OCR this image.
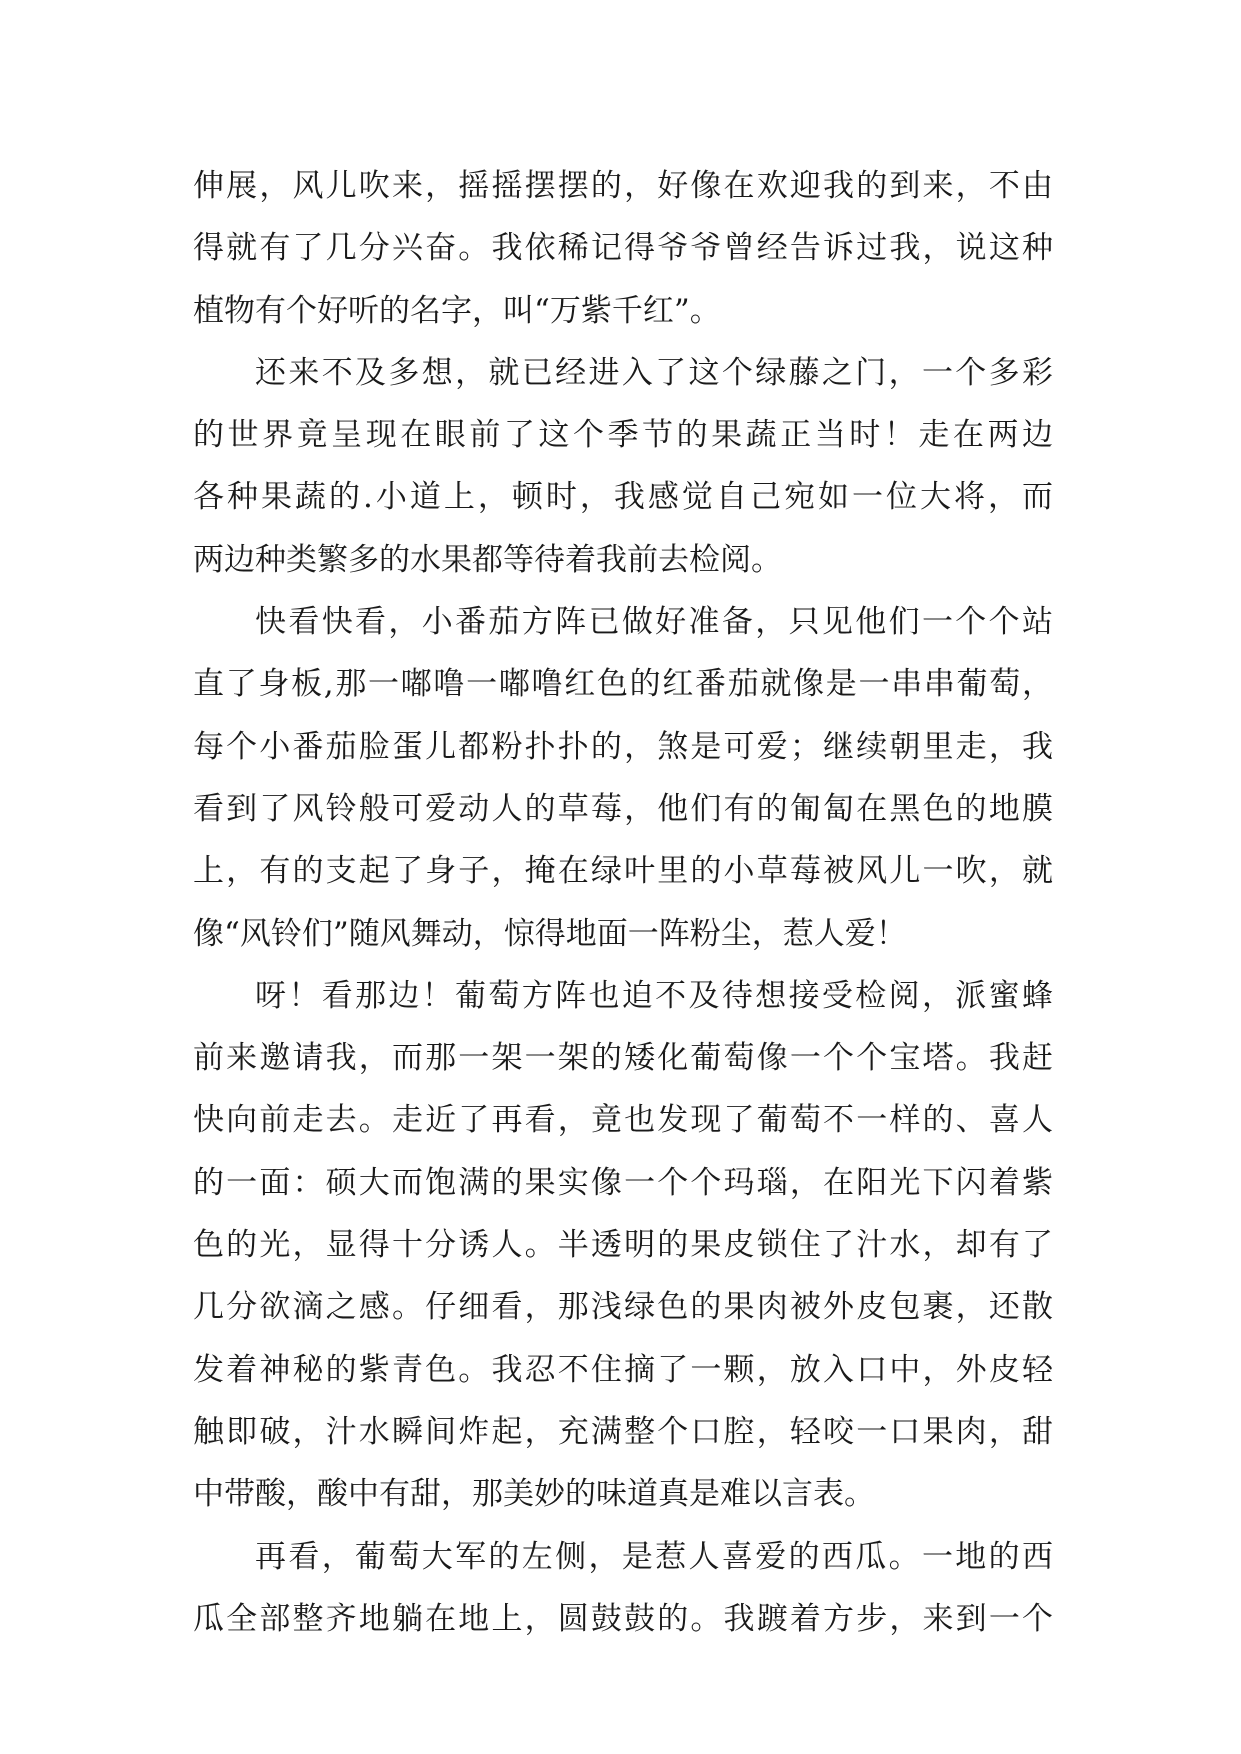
伸展，风儿吹来，摇摇摆摆的，好像在欢迎我的到来，不由
得就有了几分兴奋。我依稀记得爷爷曾经告诉过我，说这种
植物有个好听的名字，叫“万紫千红”。
还来不及多想，就已经进入了这个绿藤之门，一个多彩
的世界竟呈现在眼前了这个季节的果蔬正当时！走在两边
各种果蔬的.小道上，顿时，我感觉自己宛如一位大将，而
两边种类繁多的水果都等待着我前去检阅。
快看快看，小番茄方阵已做好准备，只见他们一个个站
直了身板,那一嘟噜一嘟噜红色的红番茄就像是一串串葡萄，
每个小番茄脸蛋儿都粉扑扑的，煞是可爱；继续朝里走，我
看到了风铃般可爱动人的草莓，他们有的匍匐在黑色的地膜
上，有的支起了身子，掩在绿叶里的小草莓被风儿一吹，就
像“风铃们”随风舞动，惊得地面一阵粉尘，惹人爱！
呀！看那边！葡萄方阵也迫不及待想接受检阅，派蜜蜂
前来邀请我，而那一架一架的矮化葡萄像一个个宝塔。我赶
快向前走去。走近了再看，竟也发现了葡萄不一样的、喜人
的一面：硕大而饱满的果实像一个个玛瑙，在阳光下闪着紫
色的光，显得十分诱人。半透明的果皮锁住了汁水，却有了
几分欲滴之感。仔细看，那浅绿色的果肉被外皮包裹，还散
发着神秘的紫青色。我忍不住摘了一颗，放入口中，外皮轻
触即破，汁水瞬间炸起，充满整个口腔，轻咬一口果肉，甜
中带酸，酸中有甜，那美妙的味道真是难以言表。
再看，葡萄大军的左侧，是惹人喜爱的西瓜。一地的西
瓜全部整齐地躺在地上，圆鼓鼓的。我踱着方步，来到一个
